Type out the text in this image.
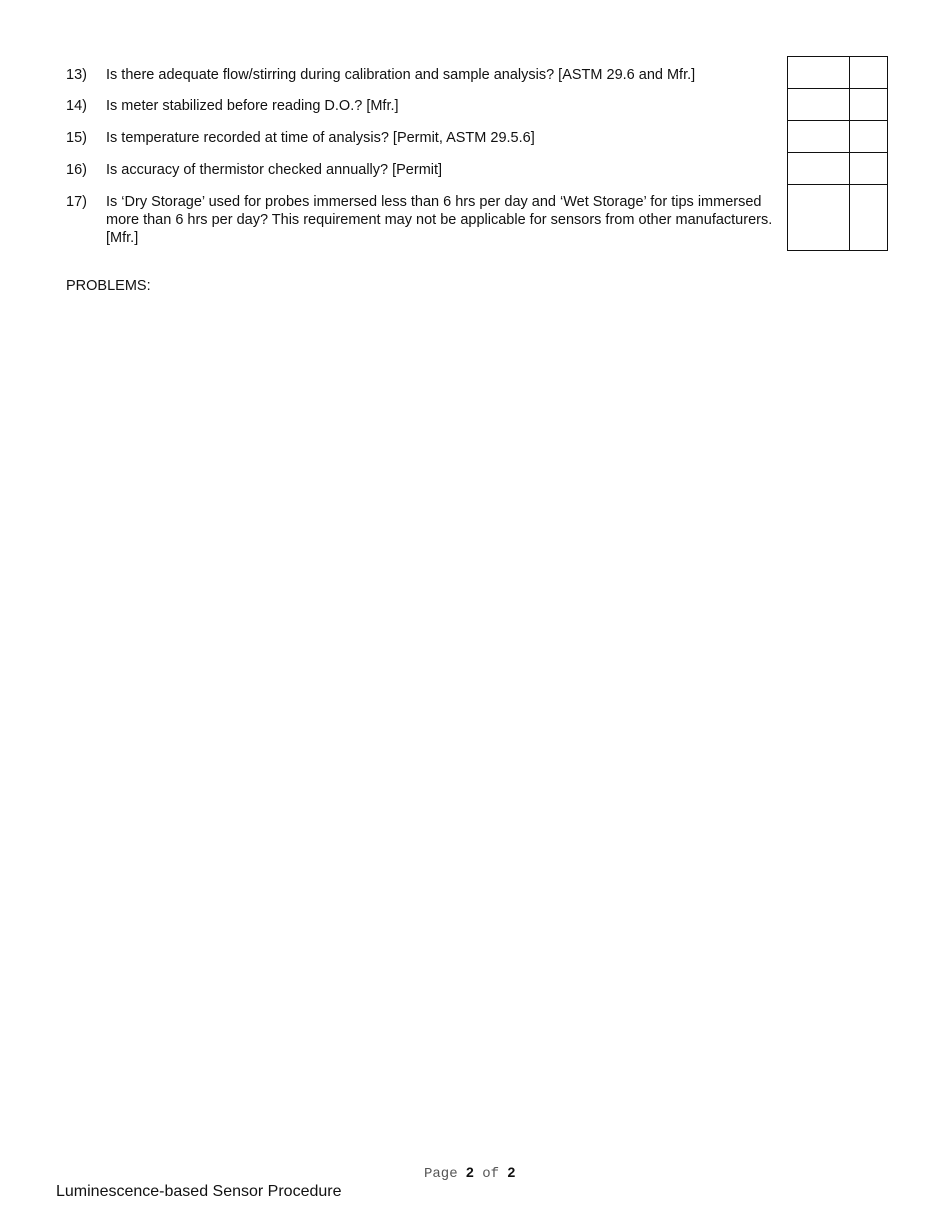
13)	Is there adequate flow/stirring during calibration and sample analysis? [ASTM 29.6 and Mfr.]
14)	Is meter stabilized before reading D.O.? [Mfr.]
15)	Is temperature recorded at time of analysis? [Permit, ASTM 29.5.6]
16)	Is accuracy of thermistor checked annually? [Permit]
17)	Is ‘Dry Storage’ used for probes immersed less than 6 hrs per day and ‘Wet Storage’ for tips immersed more than 6 hrs per day? This requirement may not be applicable for sensors from other manufacturers. [Mfr.]

PROBLEMS:
Page 2 of 2
Luminescence-based Sensor Procedure
